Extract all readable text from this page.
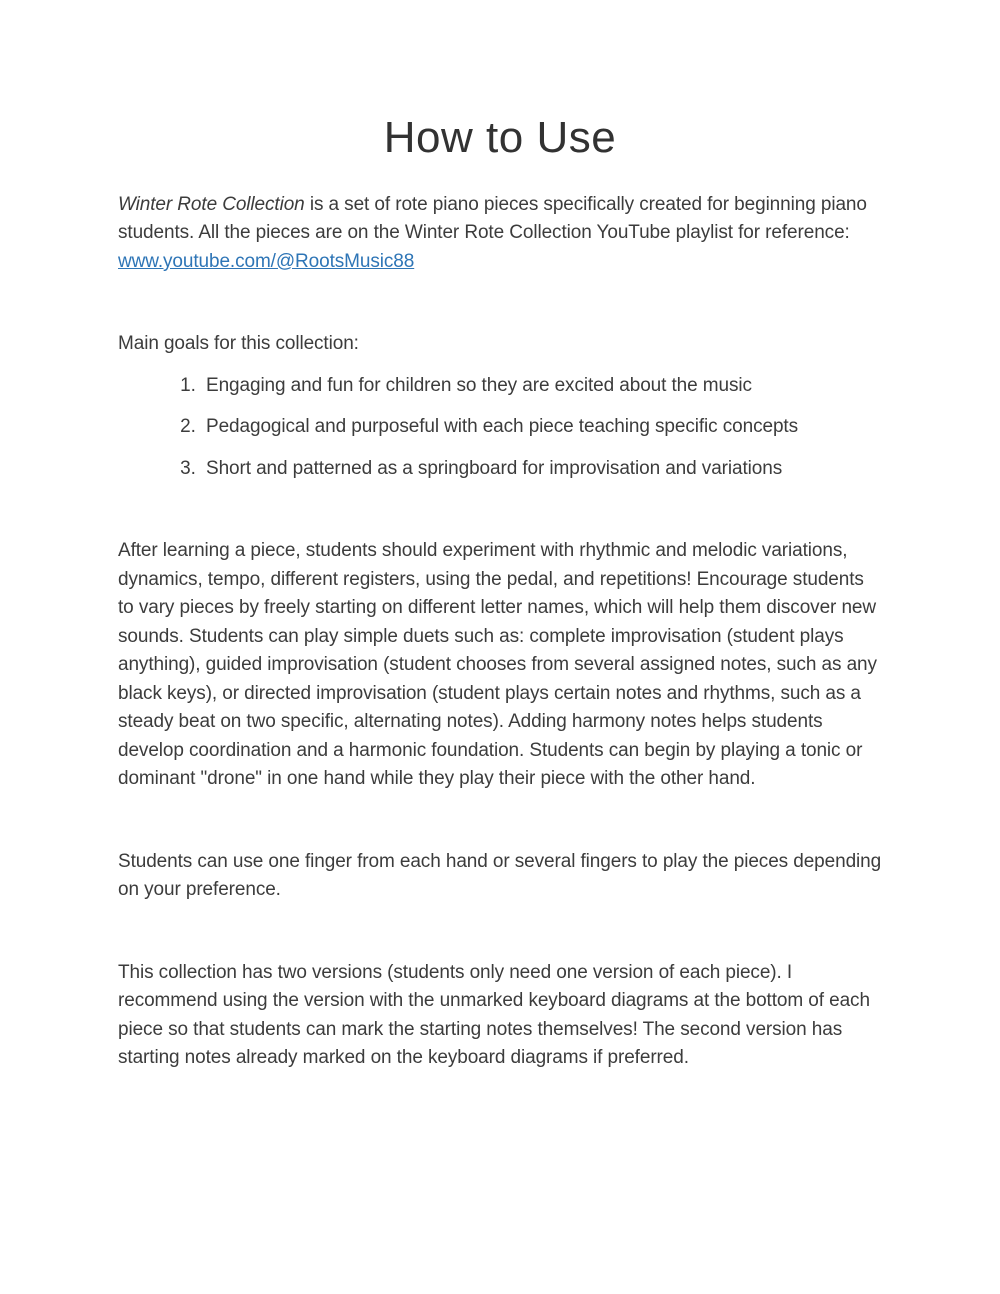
How to Use

Winter Rote Collection is a set of rote piano pieces specifically created for beginning piano students. All the pieces are on the Winter Rote Collection YouTube playlist for reference: www.youtube.com/@RootsMusic88

Main goals for this collection:

1. Engaging and fun for children so they are excited about the music
2. Pedagogical and purposeful with each piece teaching specific concepts
3. Short and patterned as a springboard for improvisation and variations

After learning a piece, students should experiment with rhythmic and melodic variations, dynamics, tempo, different registers, using the pedal, and repetitions! Encourage students to vary pieces by freely starting on different letter names, which will help them discover new sounds. Students can play simple duets such as: complete improvisation (student plays anything), guided improvisation (student chooses from several assigned notes, such as any black keys), or directed improvisation (student plays certain notes and rhythms, such as a steady beat on two specific, alternating notes). Adding harmony notes helps students develop coordination and a harmonic foundation. Students can begin by playing a tonic or dominant "drone" in one hand while they play their piece with the other hand.

Students can use one finger from each hand or several fingers to play the pieces depending on your preference.

This collection has two versions (students only need one version of each piece). I recommend using the version with the unmarked keyboard diagrams at the bottom of each piece so that students can mark the starting notes themselves! The second version has starting notes already marked on the keyboard diagrams if preferred.
